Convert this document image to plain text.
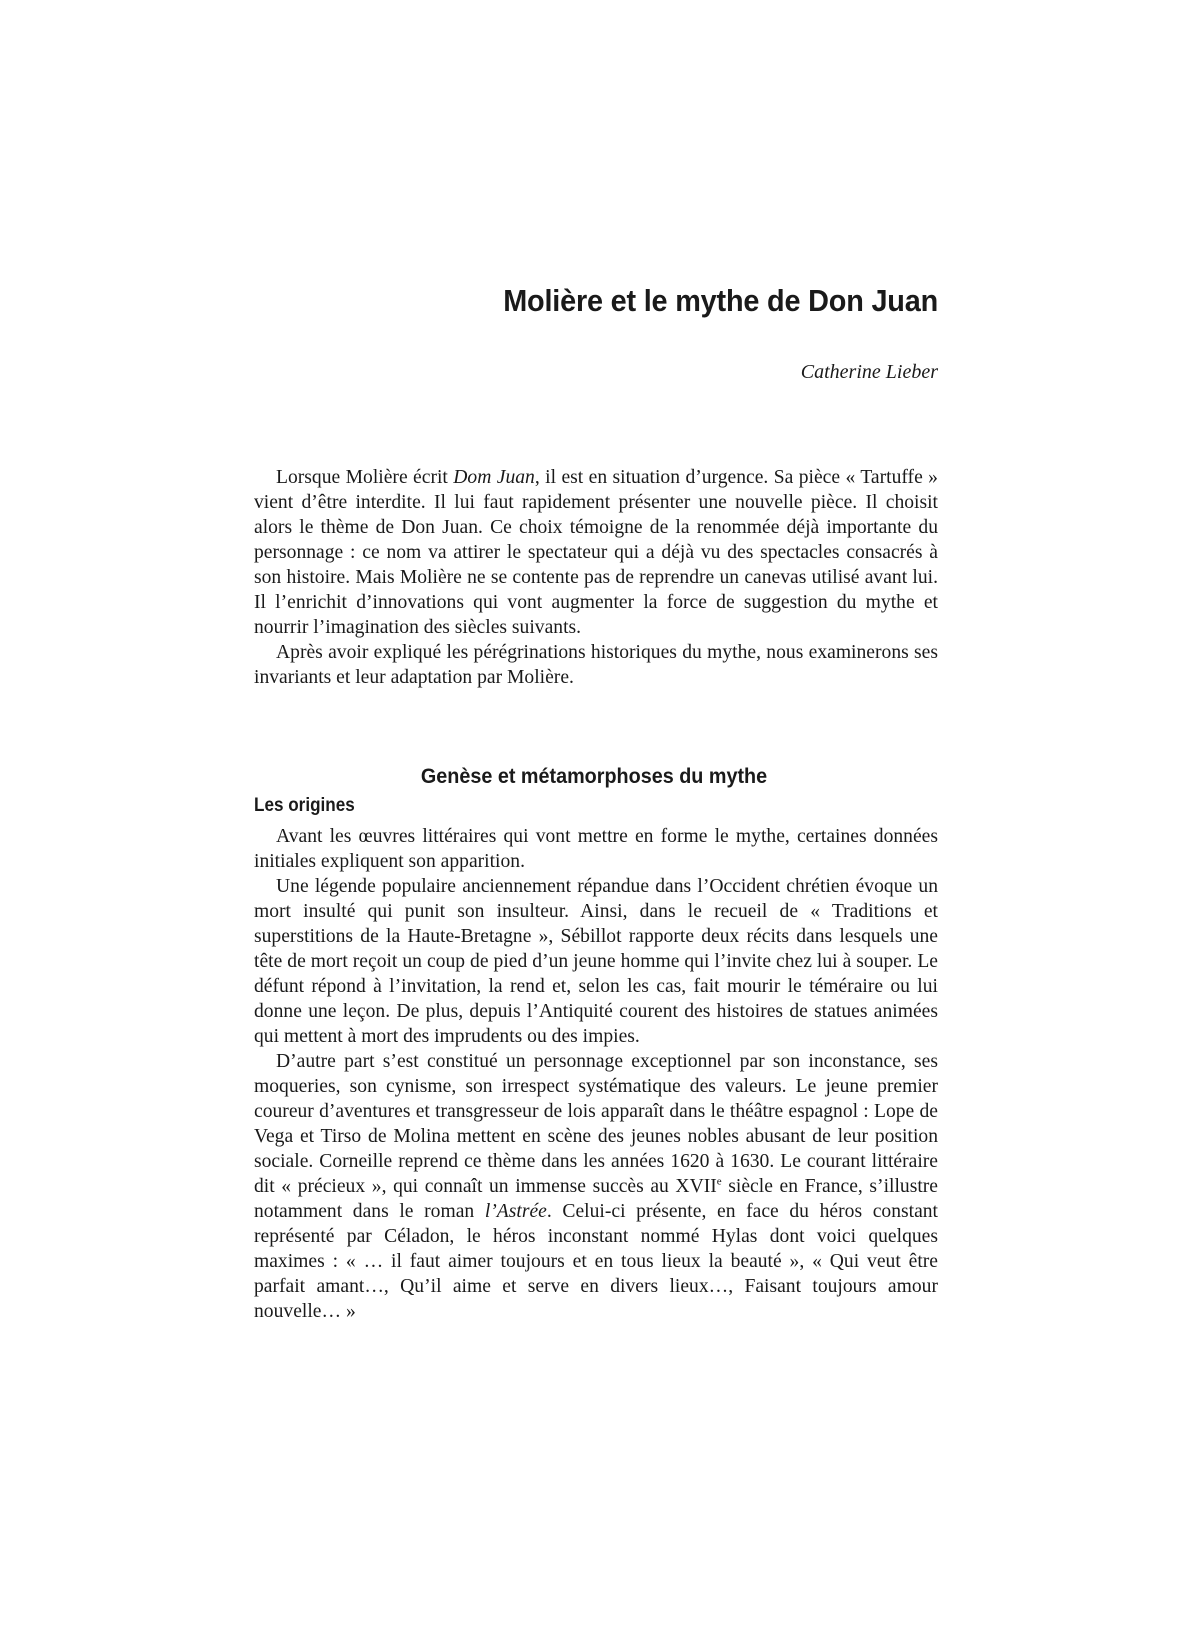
Molière et le mythe de Don Juan

Catherine Lieber

Lorsque Molière écrit Dom Juan, il est en situation d’urgence. Sa pièce « Tartuffe » vient d’être interdite. Il lui faut rapidement présenter une nouvelle pièce. Il choisit alors le thème de Don Juan. Ce choix témoigne de la renommée déjà importante du personnage : ce nom va attirer le spectateur qui a déjà vu des spectacles consacrés à son histoire. Mais Molière ne se contente pas de reprendre un canevas utilisé avant lui. Il l’enrichit d’innovations qui vont augmenter la force de suggestion du mythe et nourrir l’imagination des siècles suivants.

Après avoir expliqué les pérégrinations historiques du mythe, nous examinerons ses invariants et leur adaptation par Molière.

Genèse et métamorphoses du mythe
Les origines

Avant les œuvres littéraires qui vont mettre en forme le mythe, certaines données initiales expliquent son apparition.

Une légende populaire anciennement répandue dans l’Occident chrétien évoque un mort insulté qui punit son insulteur. Ainsi, dans le recueil de « Traditions et superstitions de la Haute-Bretagne », Sébillot rapporte deux récits dans lesquels une tête de mort reçoit un coup de pied d’un jeune homme qui l’invite chez lui à souper. Le défunt répond à l’invitation, la rend et, selon les cas, fait mourir le téméraire ou lui donne une leçon. De plus, depuis l’Antiquité courent des histoires de statues animées qui mettent à mort des imprudents ou des impies.

D’autre part s’est constitué un personnage exceptionnel par son inconstance, ses moqueries, son cynisme, son irrespect systématique des valeurs. Le jeune premier coureur d’aventures et transgresseur de lois apparaît dans le théâtre espagnol : Lope de Vega et Tirso de Molina mettent en scène des jeunes nobles abusant de leur position sociale. Corneille reprend ce thème dans les années 1620 à 1630. Le courant littéraire dit « précieux », qui connaît un immense succès au XVIIe siècle en France, s’illustre notamment dans le roman l’Astrée. Celui-ci présente, en face du héros constant représenté par Céladon, le héros inconstant nommé Hylas dont voici quelques maximes : « … il faut aimer toujours et en tous lieux la beauté », « Qui veut être parfait amant…, Qu’il aime et serve en divers lieux…, Faisant toujours amour nouvelle… »
